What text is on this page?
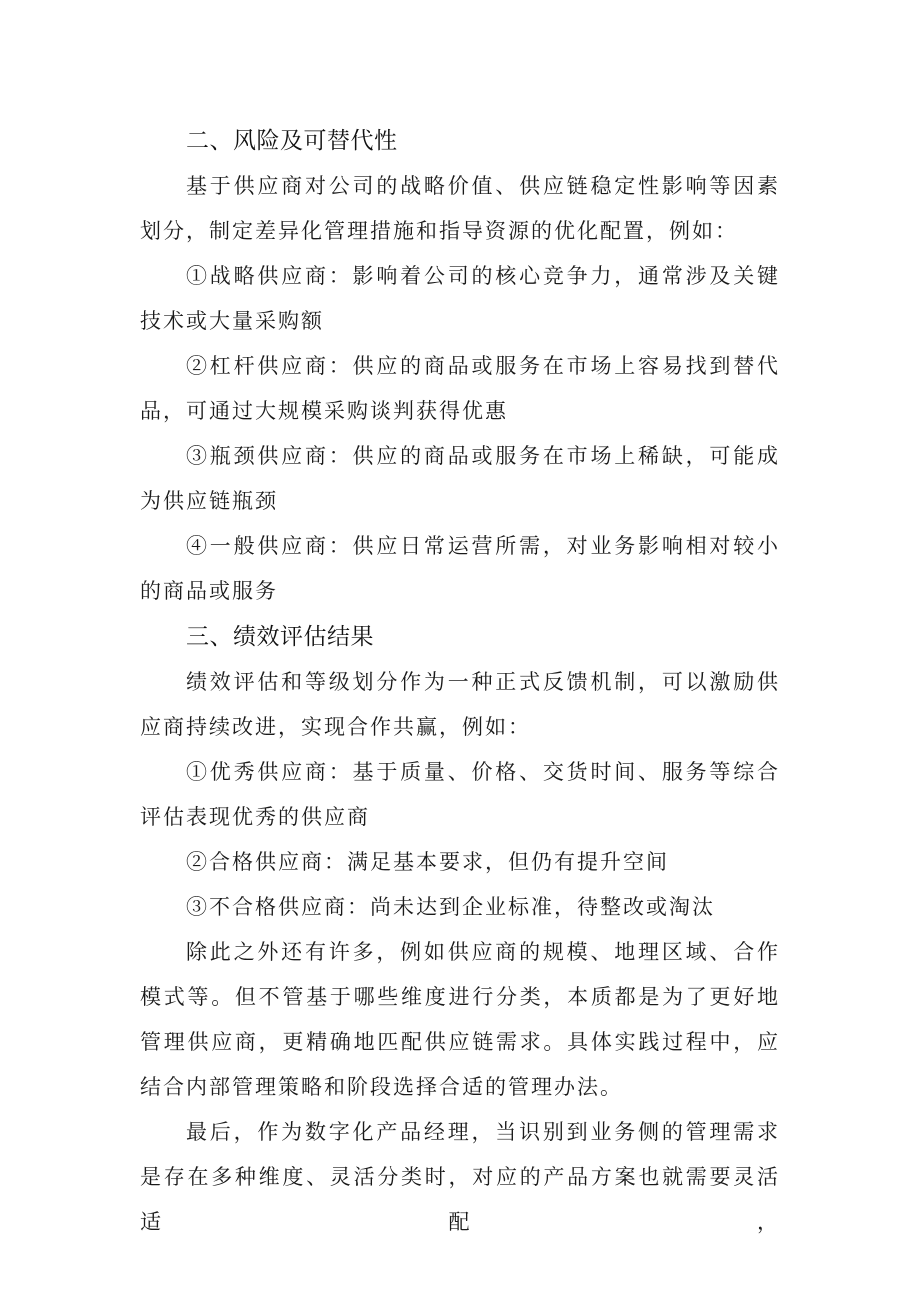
二、风险及可替代性

基于供应商对公司的战略价值、供应链稳定性影响等因素划分，制定差异化管理措施和指导资源的优化配置，例如：

①战略供应商：影响着公司的核心竞争力，通常涉及关键技术或大量采购额

②杠杆供应商：供应的商品或服务在市场上容易找到替代品，可通过大规模采购谈判获得优惠

③瓶颈供应商：供应的商品或服务在市场上稀缺，可能成为供应链瓶颈

④一般供应商：供应日常运营所需，对业务影响相对较小的商品或服务

三、绩效评估结果

绩效评估和等级划分作为一种正式反馈机制，可以激励供应商持续改进，实现合作共赢，例如：

①优秀供应商：基于质量、价格、交货时间、服务等综合评估表现优秀的供应商

②合格供应商：满足基本要求，但仍有提升空间

③不合格供应商：尚未达到企业标准，待整改或淘汰

除此之外还有许多，例如供应商的规模、地理区域、合作模式等。但不管基于哪些维度进行分类，本质都是为了更好地管理供应商，更精确地匹配供应链需求。具体实践过程中，应结合内部管理策略和阶段选择合适的管理办法。

最后，作为数字化产品经理，当识别到业务侧的管理需求是存在多种维度、灵活分类时，对应的产品方案也就需要灵活适配，
